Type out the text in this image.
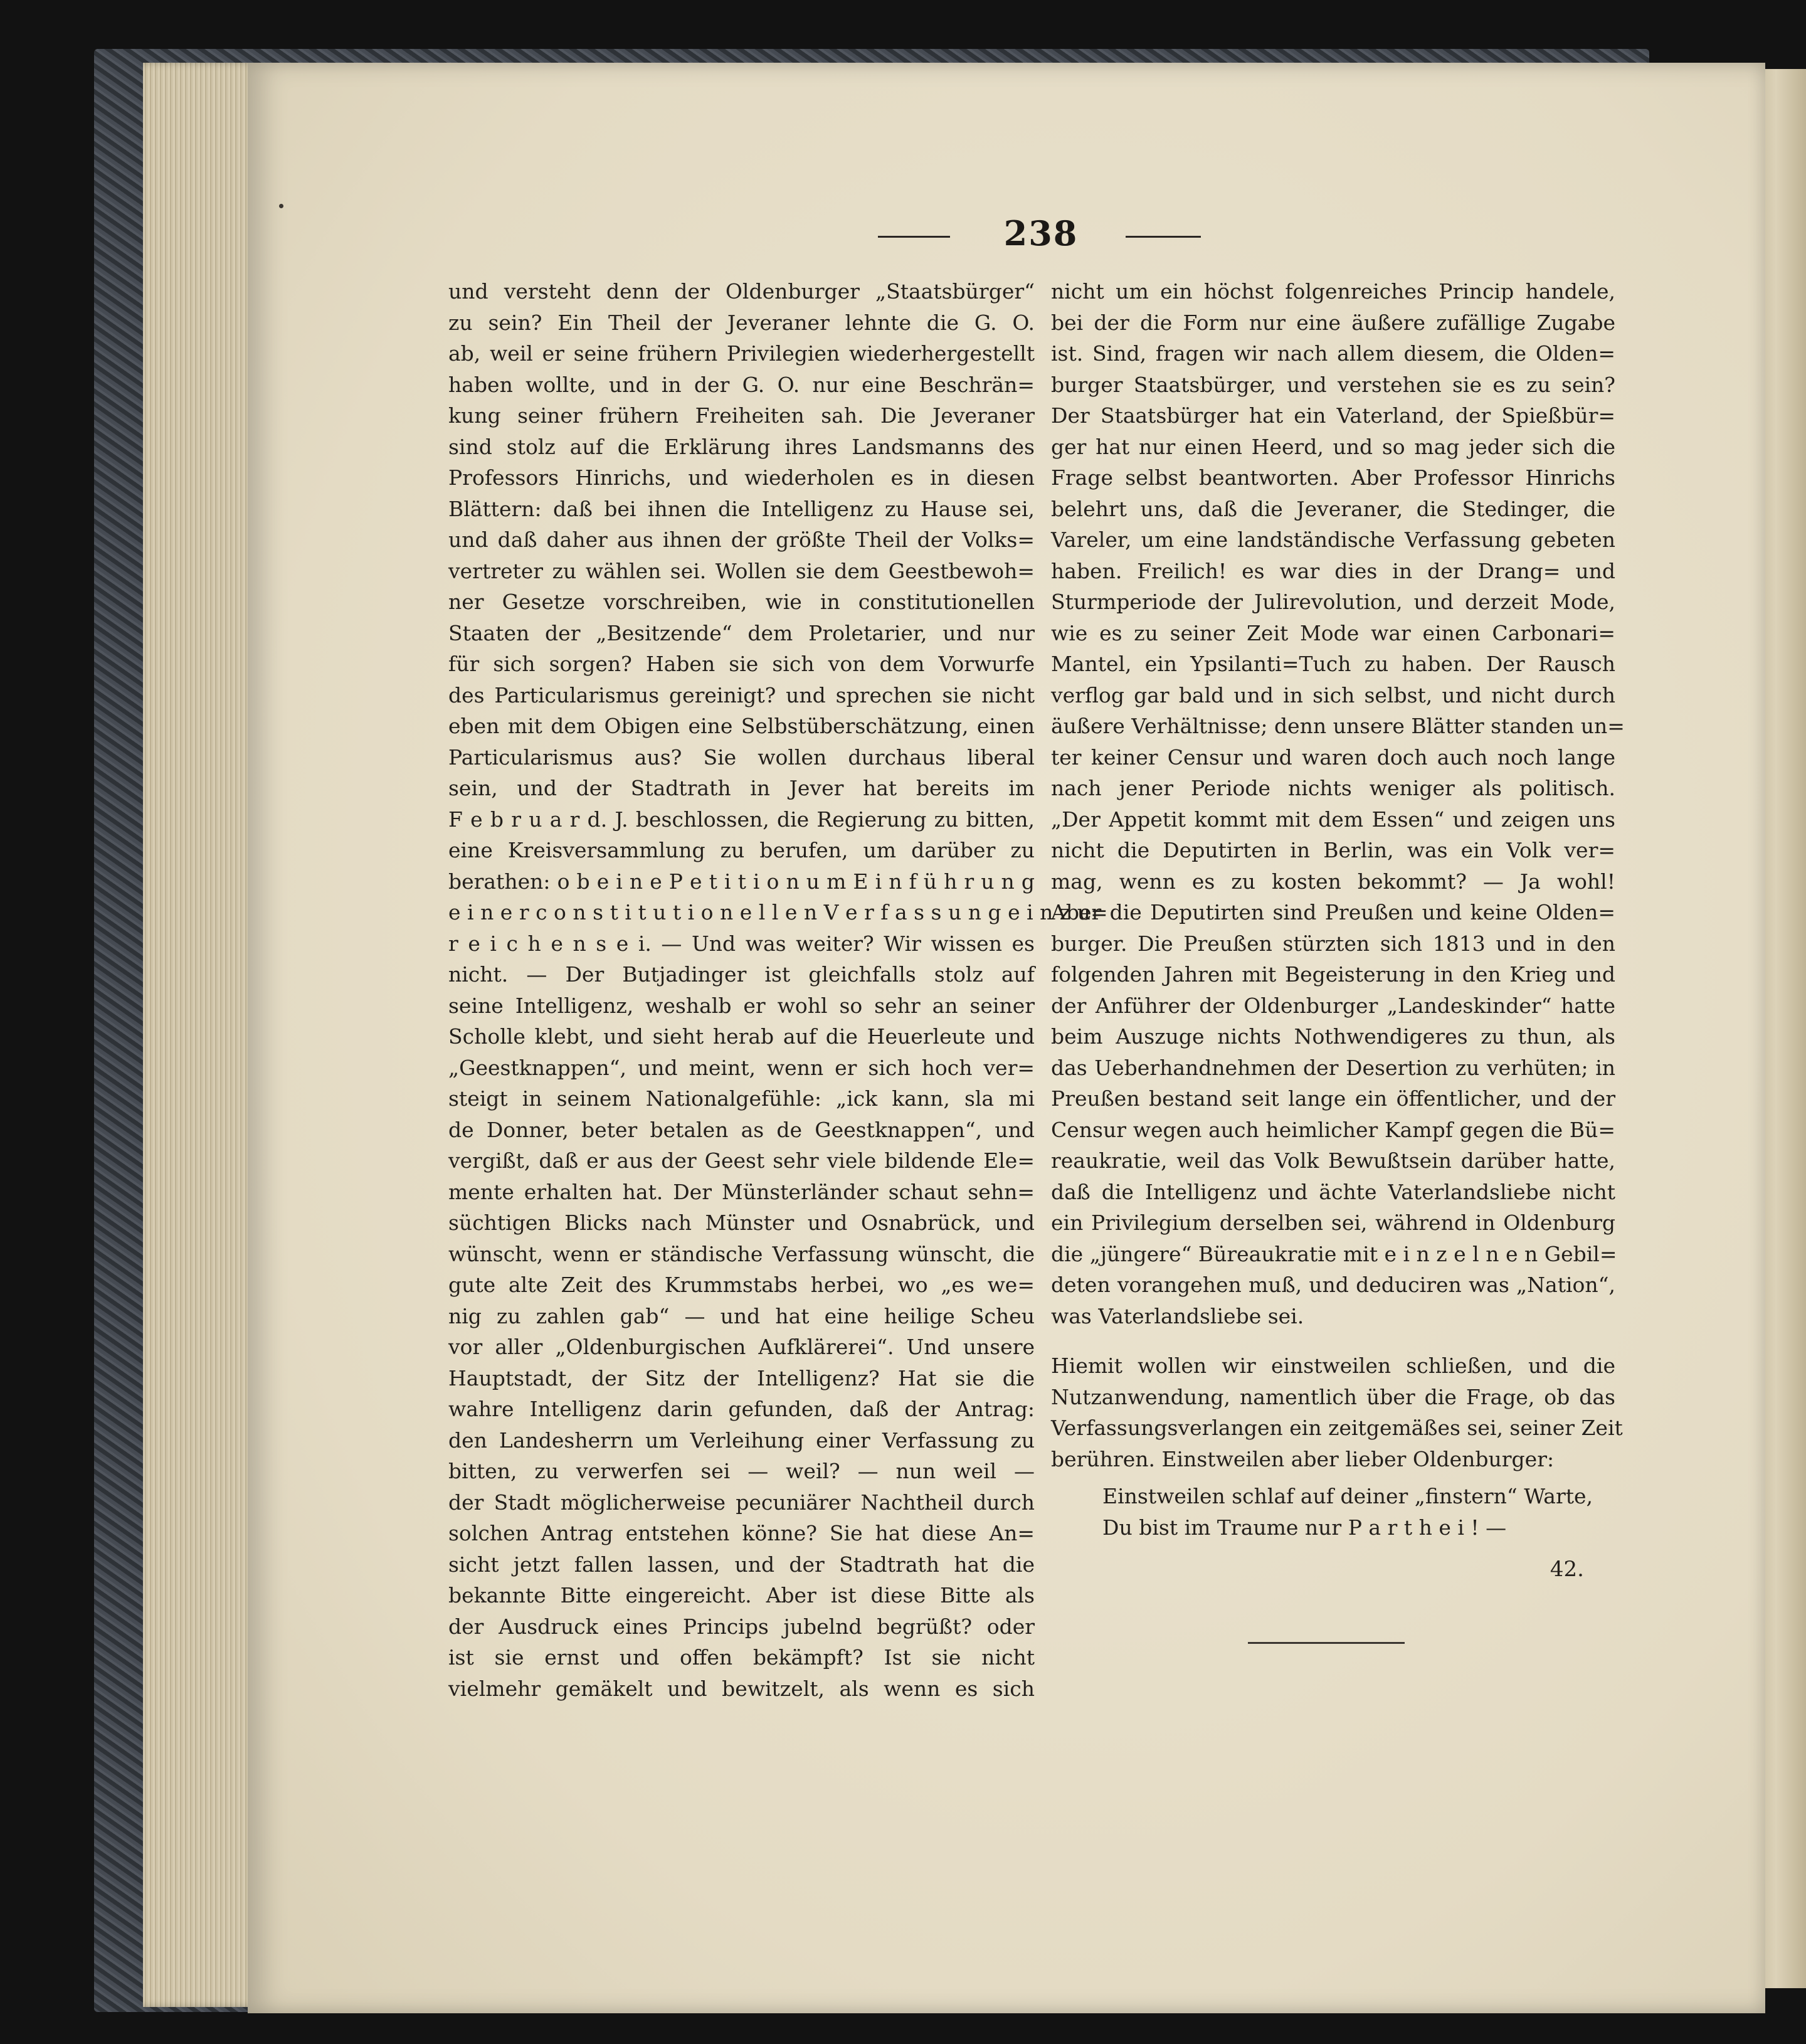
238
und versteht denn der Oldenburger „Staatsbürger“
zu sein? Ein Theil der Jeveraner lehnte die G. O.
ab, weil er seine frühern Privilegien wiederhergestellt
haben wollte, und in der G. O. nur eine Beschrän=
kung seiner frühern Freiheiten sah. Die Jeveraner
sind stolz auf die Erklärung ihres Landsmanns des
Professors Hinrichs, und wiederholen es in diesen
Blättern: daß bei ihnen die Intelligenz zu Hause sei,
und daß daher aus ihnen der größte Theil der Volks=
vertreter zu wählen sei. Wollen sie dem Geestbewoh=
ner Gesetze vorschreiben, wie in constitutionellen
Staaten der „Besitzende“ dem Proletarier, und nur
für sich sorgen? Haben sie sich von dem Vorwurfe
des Particularismus gereinigt? und sprechen sie nicht
eben mit dem Obigen eine Selbstüberschätzung, einen
Particularismus aus? Sie wollen durchaus liberal
sein, und der Stadtrath in Jever hat bereits im
F e b r u a r d. J. beschlossen, die Regierung zu bitten,
eine Kreisversammlung zu berufen, um darüber zu
berathen: o b e i n e P e t i t i o n u m E i n f ü h r u n g
e i n e r c o n s t i t u t i o n e l l e n V e r f a s s u n g e i n z u=
r e i c h e n s e i. — Und was weiter? Wir wissen es
nicht. — Der Butjadinger ist gleichfalls stolz auf
seine Intelligenz, weshalb er wohl so sehr an seiner
Scholle klebt, und sieht herab auf die Heuerleute und
„Geestknappen“, und meint, wenn er sich hoch ver=
steigt in seinem Nationalgefühle: „ick kann, sla mi
de Donner, beter betalen as de Geestknappen“, und
vergißt, daß er aus der Geest sehr viele bildende Ele=
mente erhalten hat. Der Münsterländer schaut sehn=
süchtigen Blicks nach Münster und Osnabrück, und
wünscht, wenn er ständische Verfassung wünscht, die
gute alte Zeit des Krummstabs herbei, wo „es we=
nig zu zahlen gab“ — und hat eine heilige Scheu
vor aller „Oldenburgischen Aufklärerei“. Und unsere
Hauptstadt, der Sitz der Intelligenz? Hat sie die
wahre Intelligenz darin gefunden, daß der Antrag:
den Landesherrn um Verleihung einer Verfassung zu
bitten, zu verwerfen sei — weil? — nun weil —
der Stadt möglicherweise pecuniärer Nachtheil durch
solchen Antrag entstehen könne? Sie hat diese An=
sicht jetzt fallen lassen, und der Stadtrath hat die
bekannte Bitte eingereicht. Aber ist diese Bitte als
der Ausdruck eines Princips jubelnd begrüßt? oder
ist sie ernst und offen bekämpft? Ist sie nicht
vielmehr gemäkelt und bewitzelt, als wenn es sich
nicht um ein höchst folgenreiches Princip handele,
bei der die Form nur eine äußere zufällige Zugabe
ist. Sind, fragen wir nach allem diesem, die Olden=
burger Staatsbürger, und verstehen sie es zu sein?
Der Staatsbürger hat ein Vaterland, der Spießbür=
ger hat nur einen Heerd, und so mag jeder sich die
Frage selbst beantworten. Aber Professor Hinrichs
belehrt uns, daß die Jeveraner, die Stedinger, die
Vareler, um eine landständische Verfassung gebeten
haben. Freilich! es war dies in der Drang= und
Sturmperiode der Julirevolution, und derzeit Mode,
wie es zu seiner Zeit Mode war einen Carbonari=
Mantel, ein Ypsilanti=Tuch zu haben. Der Rausch
verflog gar bald und in sich selbst, und nicht durch
äußere Verhältnisse; denn unsere Blätter standen un=
ter keiner Censur und waren doch auch noch lange
nach jener Periode nichts weniger als politisch.
„Der Appetit kommt mit dem Essen“ und zeigen uns
nicht die Deputirten in Berlin, was ein Volk ver=
mag, wenn es zu kosten bekommt? — Ja wohl!
Aber die Deputirten sind Preußen und keine Olden=
burger. Die Preußen stürzten sich 1813 und in den
folgenden Jahren mit Begeisterung in den Krieg und
der Anführer der Oldenburger „Landeskinder“ hatte
beim Auszuge nichts Nothwendigeres zu thun, als
das Ueberhandnehmen der Desertion zu verhüten; in
Preußen bestand seit lange ein öffentlicher, und der
Censur wegen auch heimlicher Kampf gegen die Bü=
reaukratie, weil das Volk Bewußtsein darüber hatte,
daß die Intelligenz und ächte Vaterlandsliebe nicht
ein Privilegium derselben sei, während in Oldenburg
die „jüngere“ Büreaukratie mit e i n z e l n e n Gebil=
deten vorangehen muß, und deduciren was „Nation“,
was Vaterlandsliebe sei.
Hiemit wollen wir einstweilen schließen, und die
Nutzanwendung, namentlich über die Frage, ob das
Verfassungsverlangen ein zeitgemäßes sei, seiner Zeit
berühren. Einstweilen aber lieber Oldenburger:
Einstweilen schlaf auf deiner „finstern“ Warte,
Du bist im Traume nur P a r t h e i ! —
42.
